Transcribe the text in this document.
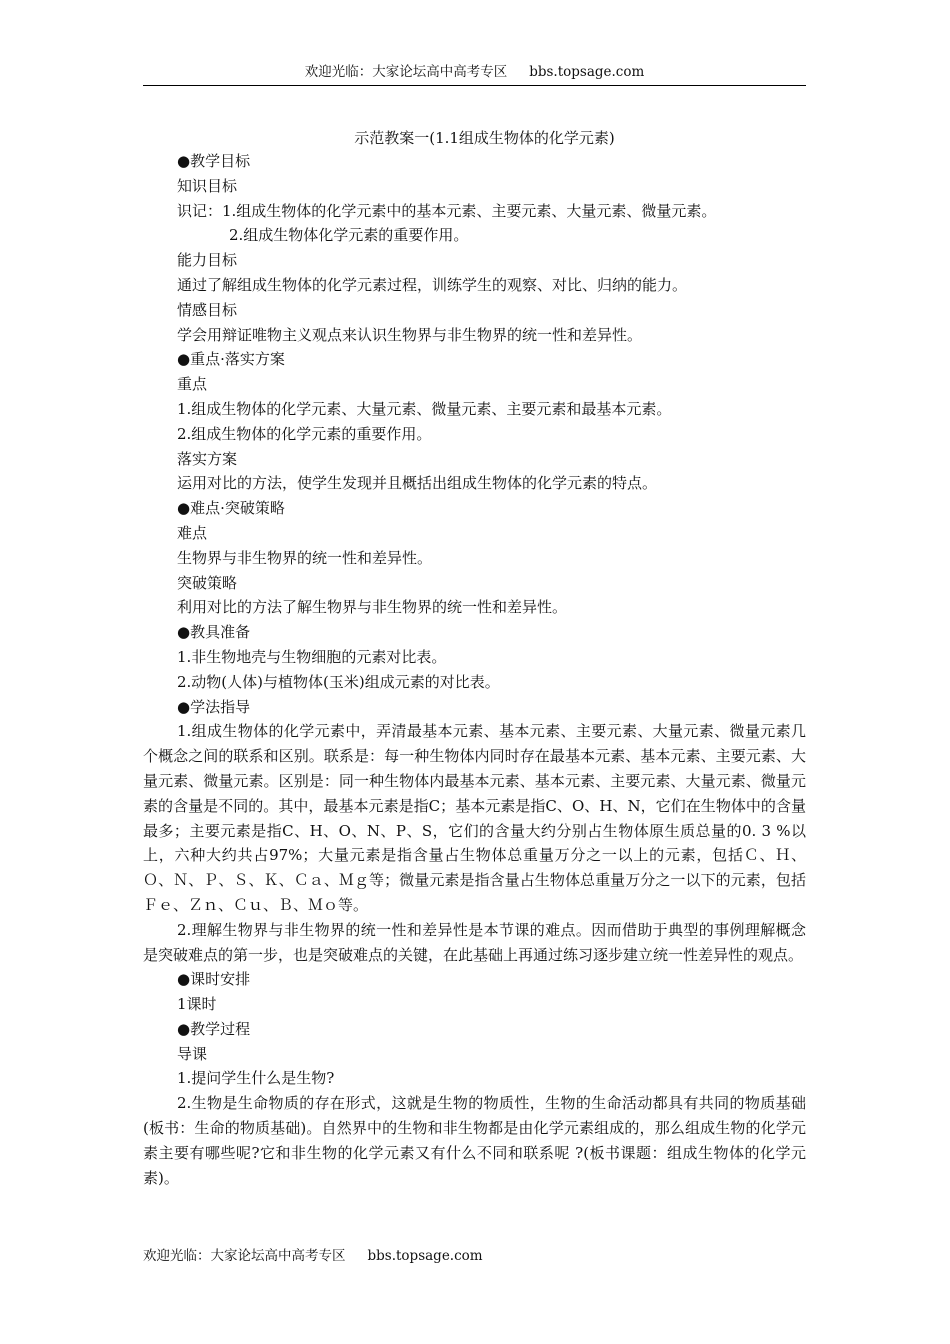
欢迎光临：大家论坛高中高考专区 bbs.topsage.com
示范教案一(1.1组成生物体的化学元素)
●教学目标
知识目标
识记：1.组成生物体的化学元素中的基本元素、主要元素、大量元素、微量元素。
2.组成生物体化学元素的重要作用。
能力目标
通过了解组成生物体的化学元素过程，训练学生的观察、对比、归纳的能力。
情感目标
学会用辩证唯物主义观点来认识生物界与非生物界的统一性和差异性。
●重点·落实方案
重点
1.组成生物体的化学元素、大量元素、微量元素、主要元素和最基本元素。
2.组成生物体的化学元素的重要作用。
落实方案
运用对比的方法，使学生发现并且概括出组成生物体的化学元素的特点。
●难点·突破策略
难点
生物界与非生物界的统一性和差异性。
突破策略
利用对比的方法了解生物界与非生物界的统一性和差异性。
●教具准备
1.非生物地壳与生物细胞的元素对比表。
2.动物(人体)与植物体(玉米)组成元素的对比表。
●学法指导
1.组成生物体的化学元素中，弄清最基本元素、基本元素、主要元素、大量元素、微量元素几个概念之间的联系和区别。联系是：每一种生物体内同时存在最基本元素、基本元素、主要元素、大量元素、微量元素。区别是：同一种生物体内最基本元素、基本元素、主要元素、大量元素、微量元素的含量是不同的。其中，最基本元素是指C；基本元素是指C、O、H、N，它们在生物体中的含量最多；主要元素是指C、H、O、N、P、S，它们的含量大约分别占生物体原生质总量的0. 3 %以上，六种大约共占97%；大量元素是指含量占生物体总重量万分之一以上的元素，包括Ｃ、Ｈ、Ｏ、Ｎ、Ｐ、Ｓ、Ｋ、Ｃａ、Ｍｇ等；微量元素是指含量占生物体总重量万分之一以下的元素，包括Ｆｅ、Ｚｎ、Ｃｕ、Ｂ、Ｍｏ等。
2.理解生物界与非生物界的统一性和差异性是本节课的难点。因而借助于典型的事例理解概念是突破难点的第一步，也是突破难点的关键，在此基础上再通过练习逐步建立统一性差异性的观点。
●课时安排
1课时
●教学过程
导课
1.提问学生什么是生物?
2.生物是生命物质的存在形式，这就是生物的物质性，生物的生命活动都具有共同的物质基础(板书：生命的物质基础)。自然界中的生物和非生物都是由化学元素组成的，那么组成生物的化学元素主要有哪些呢?它和非生物的化学元素又有什么不同和联系呢 ?(板书课题：组成生物体的化学元素)。
欢迎光临：大家论坛高中高考专区 bbs.topsage.com
